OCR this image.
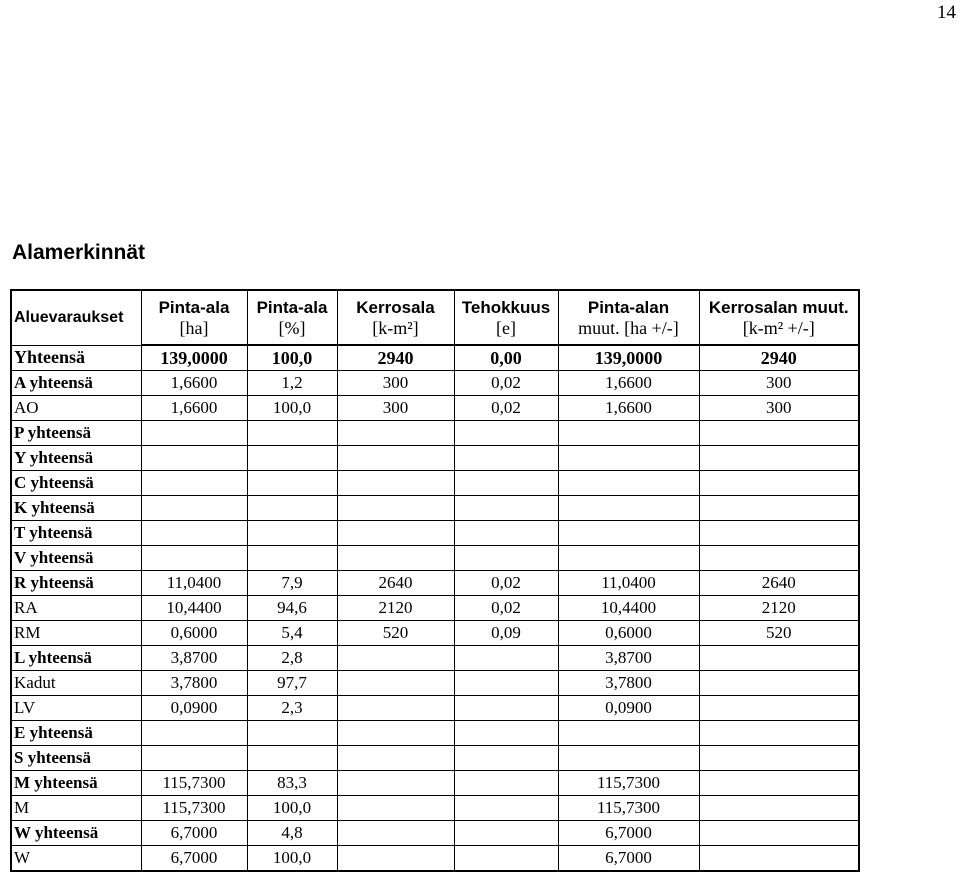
14
Alamerkinnät
Aluevaraukset	Pinta-ala	Pinta-ala	Kerrosala	Tehokkuus	Pinta-alan	Kerrosalan muut.
	[ha]	[%]	[k-m²]	[e]	muut. [ha +/-]	[k-m² +/-]
Yhteensä	139,0000	100,0	2940	0,00	139,0000	2940
A yhteensä	1,6600	1,2	300	0,02	1,6600	300
AO	1,6600	100,0	300	0,02	1,6600	300
P yhteensä						
Y yhteensä						
C yhteensä						
K yhteensä						
T yhteensä						
V yhteensä						
R yhteensä	11,0400	7,9	2640	0,02	11,0400	2640
RA	10,4400	94,6	2120	0,02	10,4400	2120
RM	0,6000	5,4	520	0,09	0,6000	520
L yhteensä	3,8700	2,8			3,8700	
Kadut	3,7800	97,7			3,7800	
LV	0,0900	2,3			0,0900	
E yhteensä						
S yhteensä						
M yhteensä	115,7300	83,3			115,7300	
M	115,7300	100,0			115,7300	
W yhteensä	6,7000	4,8			6,7000	
W	6,7000	100,0			6,7000	
